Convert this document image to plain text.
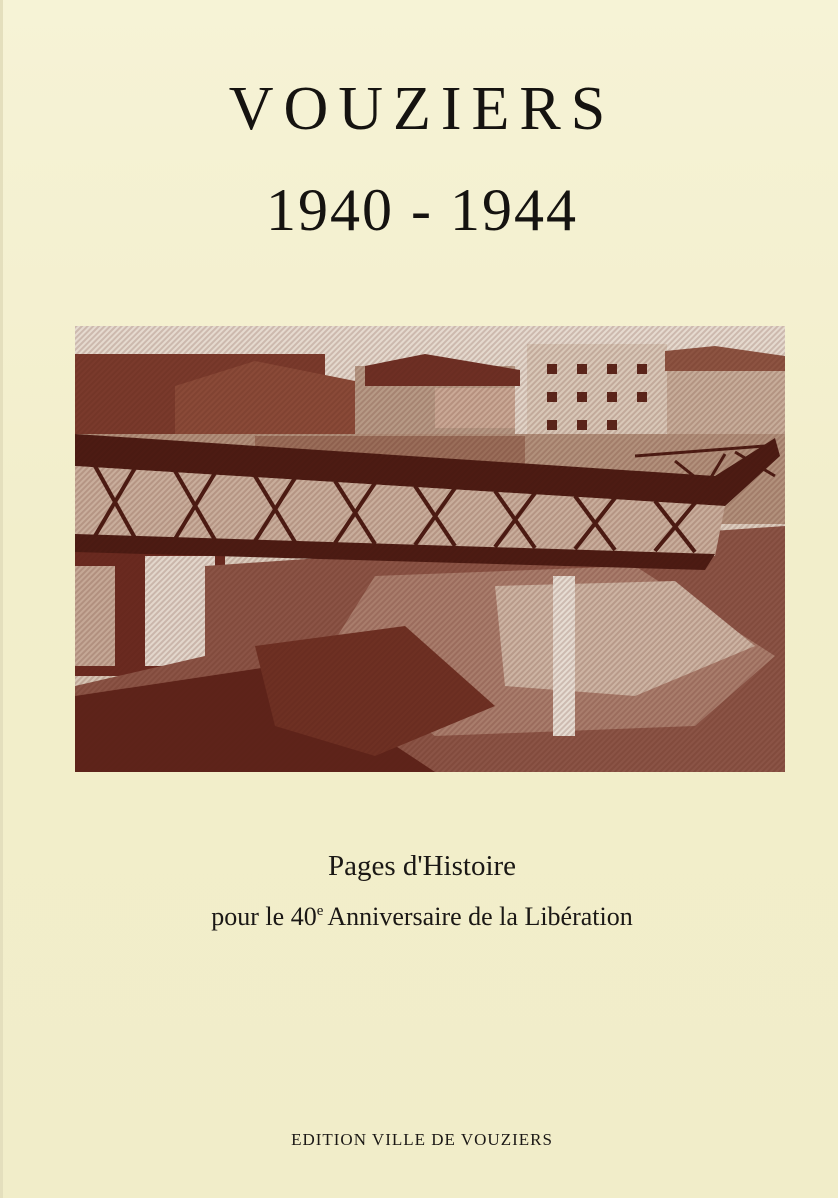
VOUZIERS
1940 - 1944
Pages d'Histoire
pour le 40e Anniversaire de la Libération
EDITION VILLE DE VOUZIERS
